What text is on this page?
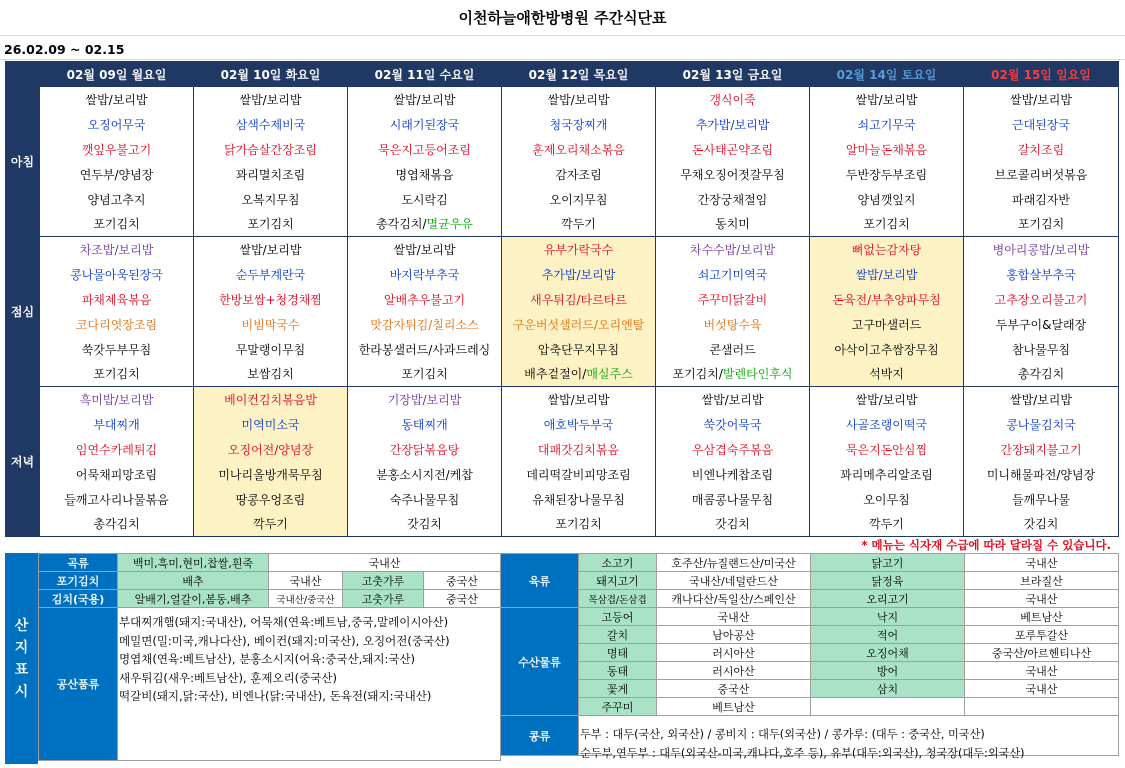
이천하늘애한방병원 주간식단표
26.02.09 ~ 02.15
	02월 09일 월요일	02월 10일 화요일	02월 11일 수요일	02월 12일 목요일	02월 13일 금요일	02월 14일 토요일	02월 15일 일요일
아침	쌀밥/보리밥	쌀밥/보리밥	쌀밥/보리밥	쌀밥/보리밥	갱식이죽	쌀밥/보리밥	쌀밥/보리밥
	오징어무국	삼색수제비국	시래기된장국	청국장찌개	추가밥/보리밥	쇠고기무국	근대된장국
	깻잎우불고기	닭가슴살간장조림	묵은지고등어조림	훈제오리채소볶음	돈사태곤약조림	알마늘돈채볶음	갈치조림
	연두부/양념장	꽈리멸치조림	명엽채볶음	감자조림	무채오징어젓갈무침	두반장두부조림	브로콜리버섯볶음
	양념고추지	오복지무침	도시락김	오이지무침	간장궁채절임	양념깻잎지	파래김자반
	포기김치	포기김치	총각김치/멸균우유	깍두기	동치미	포기김치	포기김치
점심	차조밥/보리밥	쌀밥/보리밥	쌀밥/보리밥	유부가락국수	차수수밥/보리밥	뼈없는감자탕	병아리콩밥/보리밥
	콩나물아욱된장국	순두부계란국	바지락부추국	추가밥/보리밥	쇠고기미역국	쌀밥/보리밥	홍합살부추국
	파채제육볶음	한방보쌈+청경채찜	알배추우불고기	새우튀김/타르타르	주꾸미닭갈비	돈육전/부추양파무침	고추장오리불고기
	코다리엿장조림	비빔막국수	맛감자튀김/칠리소스	구운버섯샐러드/오리엔탈	버섯탕수육	고구마샐러드	두부구이&달래장
	쑥갓두부무침	무말랭이무침	한라봉샐러드/사과드레싱	압축단무지무침	콘샐러드	아삭이고추쌈장무침	참나물무침
	포기김치	보쌈김치	포기김치	배추겉절이/매실주스	포기김치/발렌타인후식	석박지	총각김치
저녁	흑미밥/보리밥	베이컨김치볶음밥	기장밥/보리밥	쌀밥/보리밥	쌀밥/보리밥	쌀밥/보리밥	쌀밥/보리밥
	부대찌개	미역미소국	동태찌개	애호박두부국	쑥갓어묵국	사골조랭이떡국	콩나물김치국
	임연수카레튀김	오징어전/양념장	간장닭볶음탕	대패갓김치볶음	우삼겹숙주볶음	묵은지돈안심찜	간장돼지불고기
	어묵채피망조림	미나리올방개묵무침	분홍소시지전/케찹	데리떡갈비피망조림	비엔나케찹조림	꽈리메추리알조림	미니해물파전/양념장
	들깨고사리나물볶음	땅콩우엉조림	숙주나물무침	유채된장나물무침	매콤콩나물무침	오이무침	들깨무나물
	총각김치	깍두기	갓김치	포기김치	갓김치	깍두기	갓김치
* 메뉴는 식자재 수급에 따라 달라질 수 있습니다.
산
지
표
시
곡류	백미,흑미,현미,찹쌀,흰죽	국내산		
포기김치	배추	국내산	고춧가루	중국산
김치(국용)	알배기,얼갈이,봄동,배추	국내산/중국산	고춧가루	중국산
공산품류				
부대찌개햄(돼지:국내산), 어묵채(연육:베트남,중국,말레이시아산)
메밀면(밀:미국,캐나다산), 베이컨(돼지:미국산), 오징어전(중국산)
명엽채(연육:베트남산), 분홍소시지(어육:중국산,돼지:국산)
새우튀김(새우:베트남산), 훈제오리(중국산)
떡갈비(돼지,닭:국산), 비엔나(닭:국내산), 돈육전(돼지:국내산)
육류	소고기	호주산/뉴질랜드산/미국산	닭고기	국내산
	돼지고기	국내산/네덜란드산	닭정육	브라질산
	목삼겹/돈삼겹	캐나다산/독일산/스페인산	오리고기	국내산
수산물류	고등어	국내산	낙지	베트남산
	갈치	남아공산	적어	포루투갈산
	명태	러시아산	오징어채	중국산/아르헨티나산
	동태	러시아산	방어	국내산
	꽃게	중국산	삼치	국내산
	주꾸미	베트남산		
콩류					두부 : 대두(국산, 외국산) / 콩비지 : 대두(외국산) / 콩가루: (대두 : 중국산, 미국산)
순두부,연두부 : 대두(외국산-미국,캐나다,호주 등), 유부(대두:외국산), 청국장(대두:외국산)
